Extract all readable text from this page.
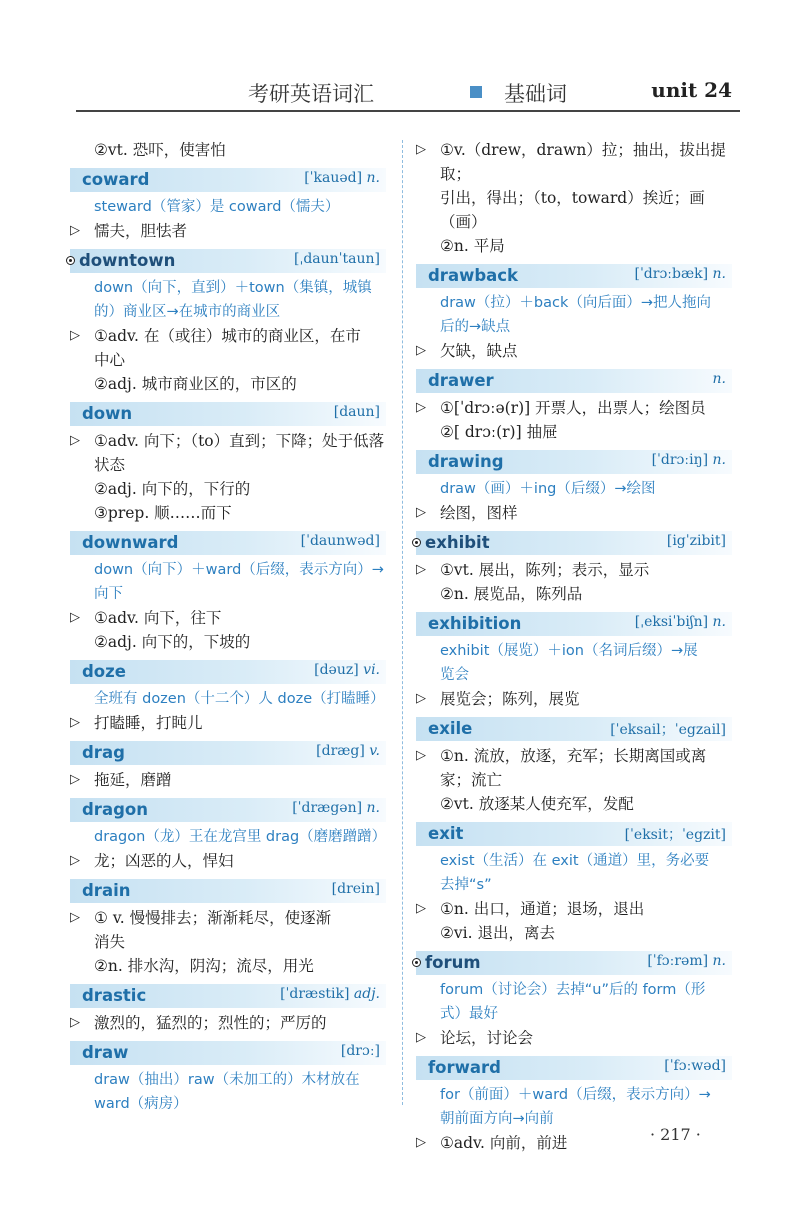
考研英语词汇	基础词	unit 24
②vt. 恐吓，使害怕
coward	[ˈkauəd] n.
steward（管家）是 coward（懦夫）
▷ 懦夫，胆怯者
downtown	[ˌdaunˈtaun]
down（向下，直到）＋town（集镇，城镇
的）商业区→在城市的商业区
▷ ①adv. 在（或往）城市的商业区，在市
中心
②adj. 城市商业区的，市区的
down	[daun]
▷ ①adv. 向下；（to）直到；下降；处于低落
状态
②adj. 向下的，下行的
③prep. 顺……而下
downward	[ˈdaunwəd]
down（向下）＋ward（后缀，表示方向）→
向下
▷ ①adv. 向下，往下
②adj. 向下的，下坡的
doze	[dəuz] vi.
全班有 dozen（十二个）人 doze（打瞌睡）
▷ 打瞌睡，打盹儿
drag	[dræg] v.
▷ 拖延，磨蹭
dragon	[ˈdrægən] n.
dragon（龙）王在龙宫里 drag（磨磨蹭蹭）
▷ 龙；凶恶的人，悍妇
drain	[drein]
▷ ① v. 慢慢排去；渐渐耗尽，使逐渐
消失
②n. 排水沟，阴沟；流尽，用光
drastic	[ˈdræstik] adj.
▷ 激烈的，猛烈的；烈性的；严厉的
draw	[drɔː]
draw（抽出）raw（未加工的）木材放在
ward（病房）
▷ ①v.（drew，drawn）拉；抽出，拔出提取；
引出，得出；（to，toward）挨近；画（画）
②n. 平局
drawback	[ˈdrɔːbæk] n.
draw（拉）＋back（向后面）→把人拖向
后的→缺点
▷ 欠缺，缺点
drawer	n.
▷ ①[ˈdrɔːə(r)] 开票人，出票人；绘图员
②[ drɔː(r)] 抽屉
drawing	[ˈdrɔːiŋ] n.
draw（画）＋ing（后缀）→绘图
▷ 绘图，图样
exhibit	[igˈzibit]
▷ ①vt. 展出，陈列；表示，显示
②n. 展览品，陈列品
exhibition	[ˌeksiˈbiʃn] n.
exhibit（展览）＋ion（名词后缀）→展
览会
▷ 展览会；陈列，展览
exile	[ˈeksail；ˈegzail]
▷ ①n. 流放，放逐，充军；长期离国或离
家；流亡
②vt. 放逐某人使充军，发配
exit	[ˈeksit；ˈegzit]
exist（生活）在 exit（通道）里，务必要
去掉“s”
▷ ①n. 出口，通道；退场，退出
②vi. 退出，离去
forum	[ˈfɔːrəm] n.
forum（讨论会）去掉“u”后的 form（形
式）最好
▷ 论坛，讨论会
forward	[ˈfɔːwəd]
for（前面）＋ward（后缀，表示方向）→
朝前面方向→向前
▷ ①adv. 向前，前进	· 217 ·
